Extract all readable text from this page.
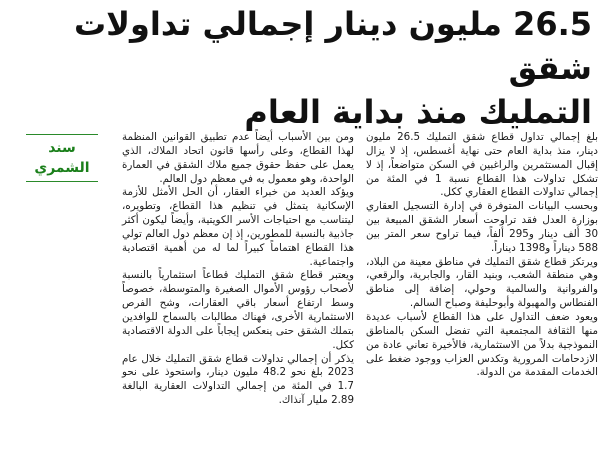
26.5 مليون دينار إجمالي تداولات شقق
التمليك منذ بداية العام
سند الشمري

بلغ إجمالي تداول قطاع شقق التمليك 26.5 مليون دينار، منذ بداية العام حتى نهاية أغسطس، إذ لا يزال إقبال المستثمرين والراغبين في السكن متواضعاً، إذ لا تشكل تداولات هذا القطاع نسبة 1 في المئة من إجمالي تداولات القطاع العقاري ككل.

وبحسب البيانات المتوفرة في إدارة التسجيل العقاري بوزارة العدل فقد تراوحت أسعار الشقق المبيعة بين 30 ألف دينار و295 ألفاً، فيما تراوح سعر المتر بين 588 ديناراً و1398 ديناراً.

ويرتكز قطاع شقق التمليك في مناطق معينة من البلاد، وهي منطقة الشعب، وبنيد القار، والجابرية، والرقعي، والفروانية والسالمية وحولي، إضافة إلى مناطق الفنطاس والمهبولة وأبوحليفة وصباح السالم.

ويعود ضعف التداول على هذا القطاع لأسباب عديدة منها الثقافة المجتمعية التي تفضل السكن بالمناطق النموذجية بدلاً من الاستثمارية، فالأخيرة تعاني عادة من الازدحامات المرورية وتكدس العزاب ووجود ضغط على الخدمات المقدمة من الدولة.

ومن بين الأسباب أيضاً عدم تطبيق القوانين المنظمة لهذا القطاع، وعلى رأسها قانون اتحاد الملاك، الذي يعمل على حفظ حقوق جميع ملاك الشقق في العمارة الواحدة، وهو معمول به في معظم دول العالم.

ويؤكد العديد من خبراء العقار، أن الحل الأمثل للأزمة الإسكانية يتمثل في تنظيم هذا القطاع، وتطويره، ليتناسب مع احتياجات الأسر الكويتية، وأيضاً ليكون أكثر جاذبية بالنسبة للمطورين، إذ إن معظم دول العالم تولي هذا القطاع اهتماماً كبيراً لما له من أهمية اقتصادية واجتماعية.

ويعتبر قطاع شقق التمليك قطاعاً استثمارياً بالنسبة لأصحاب رؤوس الأموال الصغيرة والمتوسطة، خصوصاً وسط ارتفاع أسعار باقي العقارات، وشح الفرص الاستثمارية الأخرى، فهناك مطالبات بالسماح للوافدين بتملك الشقق حتى ينعكس إيجاباً على الدولة الاقتصادية ككل.

يذكر أن إجمالي تداولات قطاع شقق التمليك خلال عام 2023 بلغ نحو 48.2 مليون دينار، واستحوذ على نحو 1.7 في المئة من إجمالي التداولات العقارية البالغة 2.89 مليار آنذاك.
